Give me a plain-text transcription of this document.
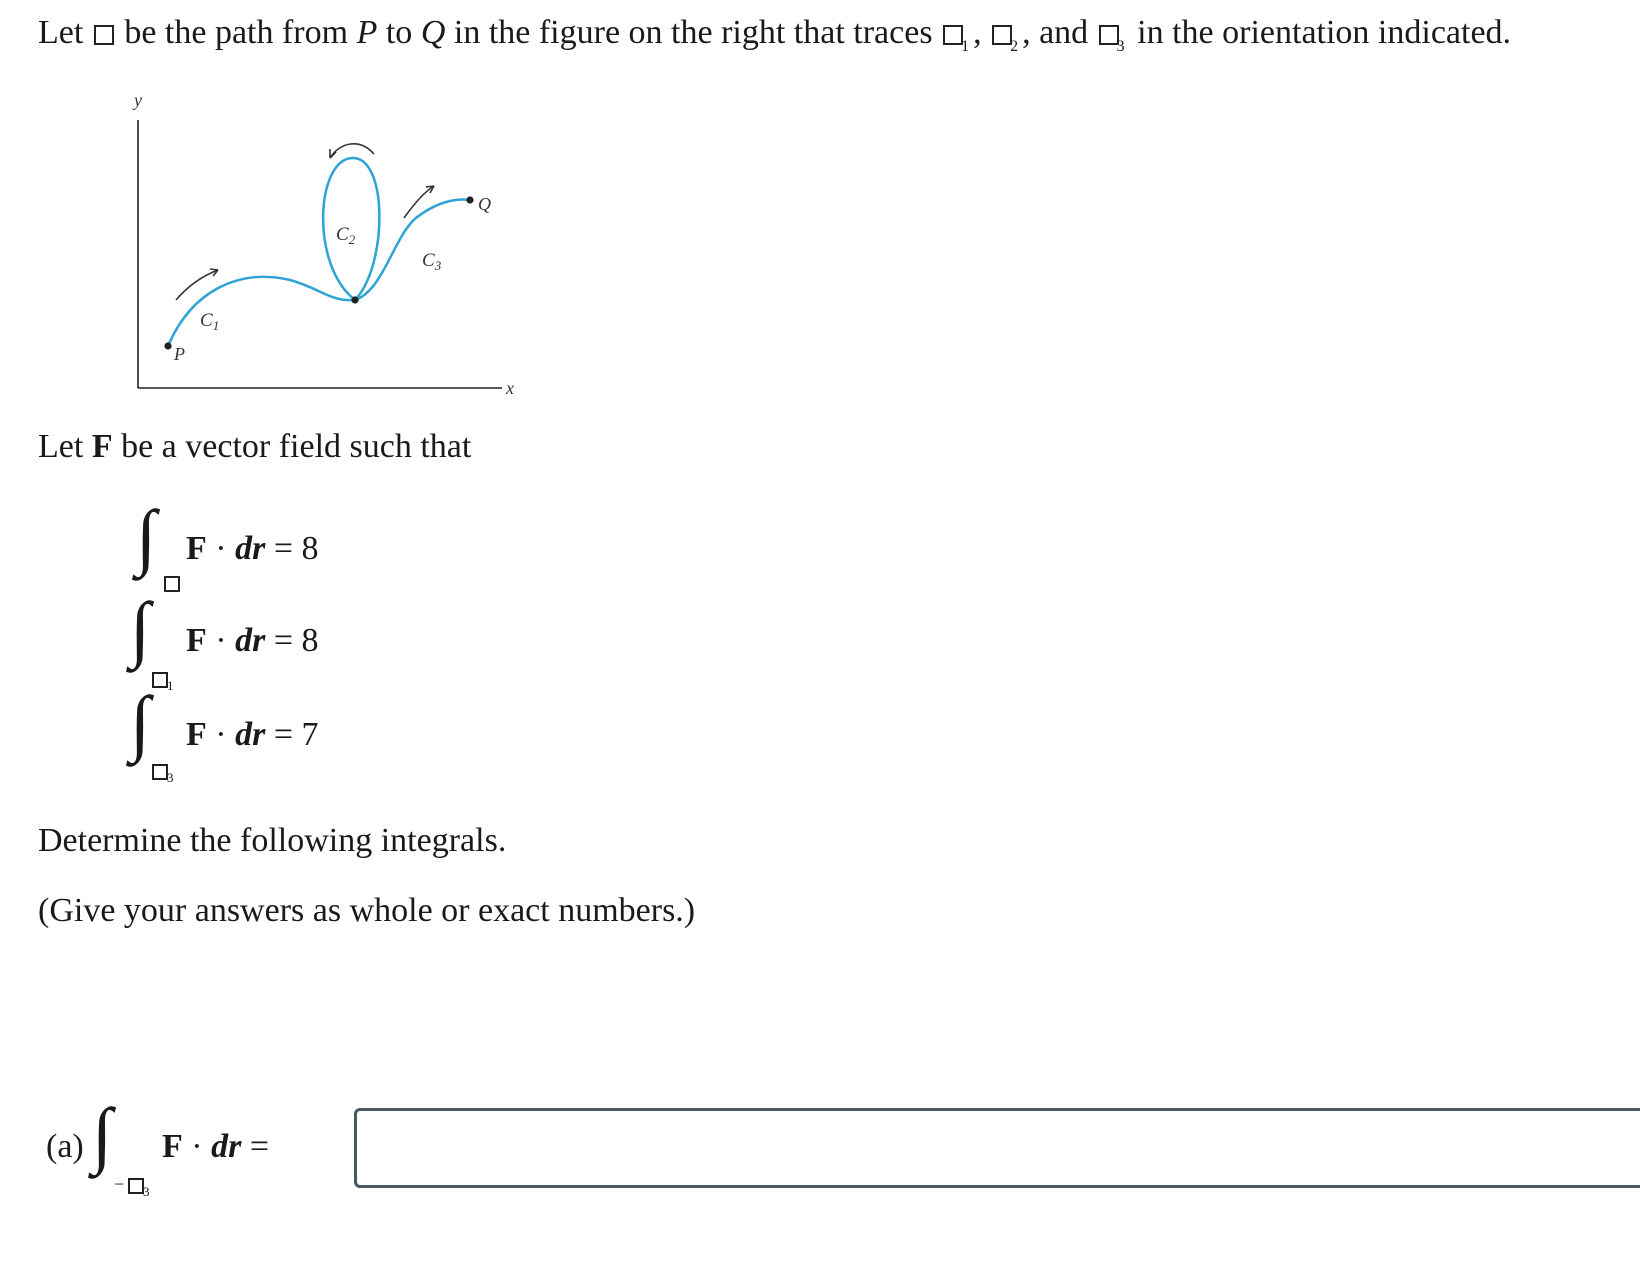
Let be the path from P to Q in the figure on the right that traces $_1$ , $_2$ , and $_3$ in the orientation indicated.
y
x
P
Q
$C_1$
$C_2$
$C_3$
Let F be a vector field such that
∫ F · dr = 8
∫
1
F · dr = 8
∫
3
F · dr = 7
Determine the following integrals.
(Give your answers as whole or exact numbers.)
(a) ∫
− 3
F · dr =
